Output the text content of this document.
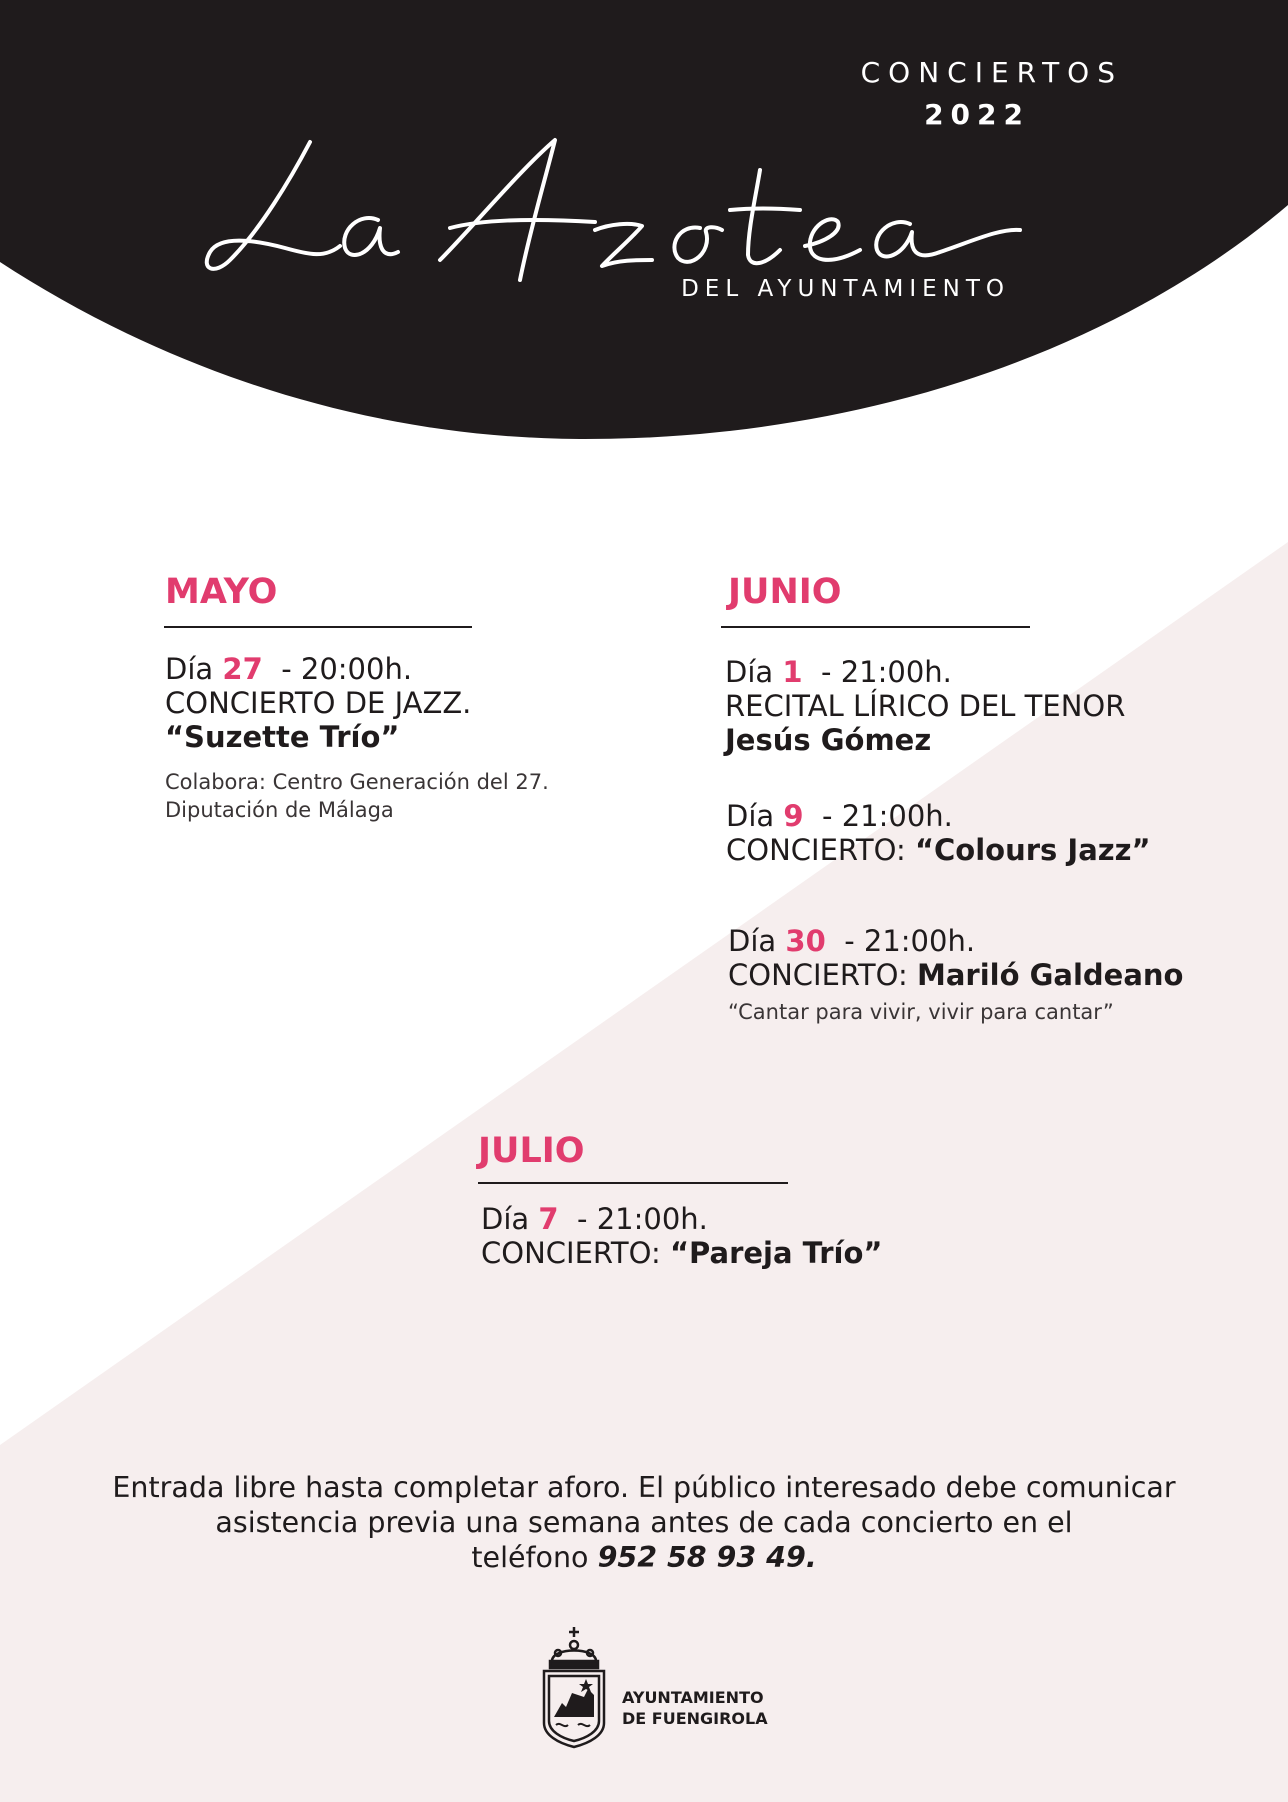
CONCIERTOS
2022
DEL AYUNTAMIENTO
MAYO
Día 27 - 20:00h.
CONCIERTO DE JAZZ.
“Suzette Trío”
Colabora: Centro Generación del 27.
Diputación de Málaga
JUNIO
Día 1 - 21:00h.
RECITAL LÍRICO DEL TENOR
Jesús Gómez
Día 9 - 21:00h.
CONCIERTO: “Colours Jazz”
Día 30 - 21:00h.
CONCIERTO: Mariló Galdeano
“Cantar para vivir, vivir para cantar”
JULIO
Día 7 - 21:00h.
CONCIERTO: “Pareja Trío”
Entrada libre hasta completar aforo. El público interesado debe comunicar
asistencia previa una semana antes de cada concierto en el
teléfono 952 58 93 49.
AYUNTAMIENTO
DE FUENGIROLA
